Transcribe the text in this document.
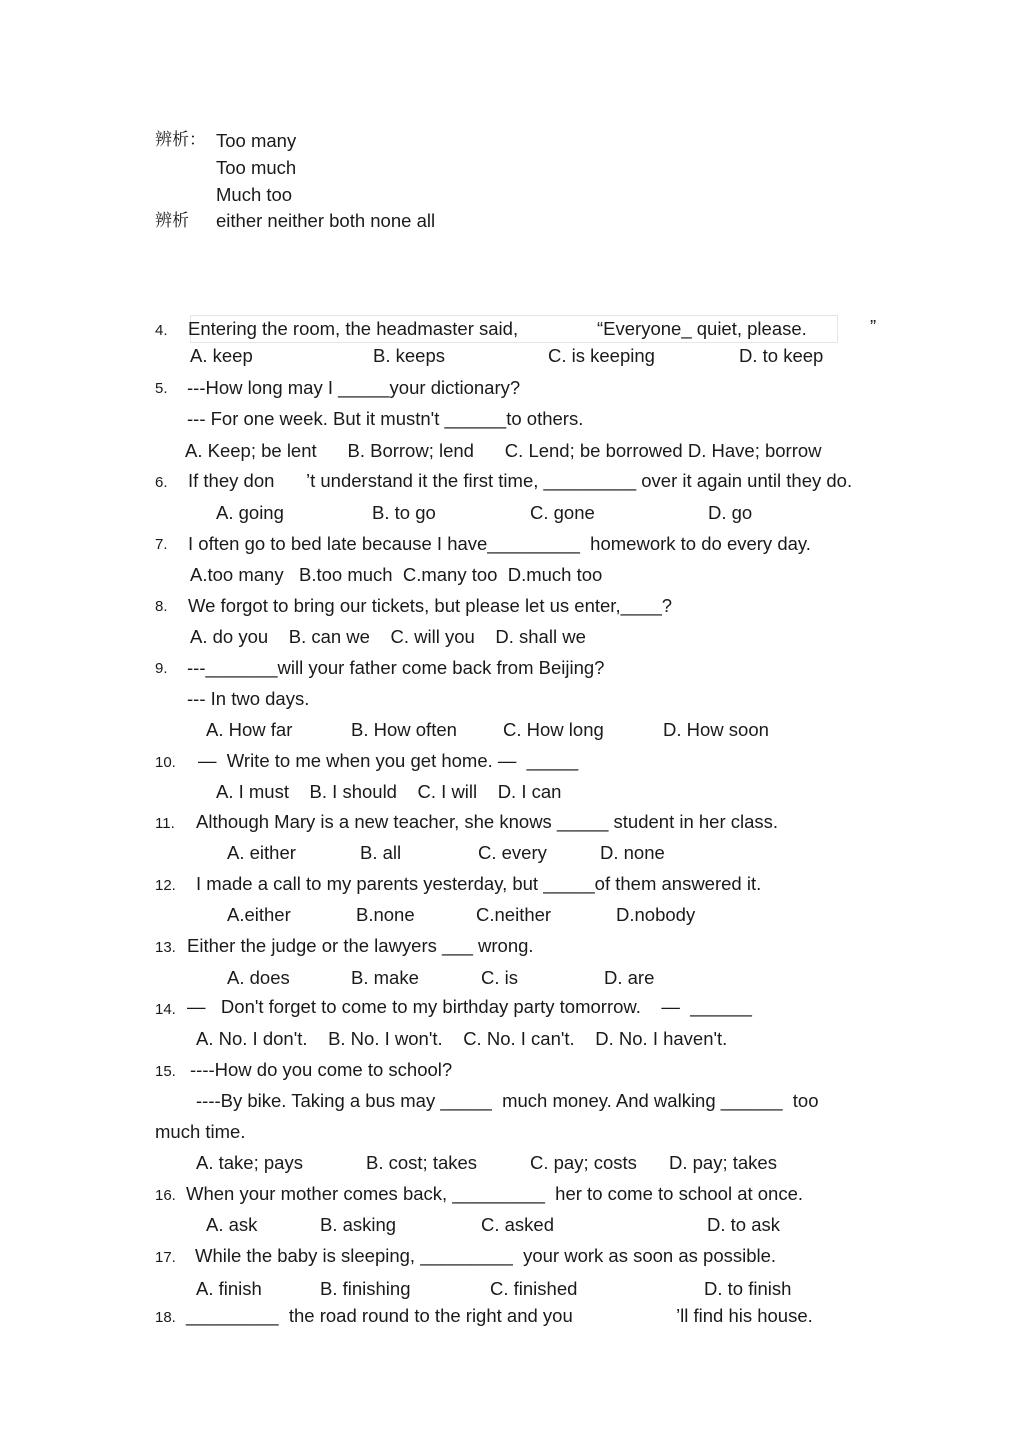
辨析： Too many
Too much
Much too
辨析 either neither both none all
4. Entering the room, the headmaster said,	“Everyone_ quiet, please.	”
A. keep	B. keeps	C. is keeping	D. to keep
5. ---How long may I _____your dictionary?
--- For one week. But it mustn't ______to others.
A. Keep; be lent      B. Borrow; lend      C. Lend; be borrowed D. Have; borrow
6. If they don ’t understand it the first time, _________ over it again until they do.
A. going	B. to go	C. gone	D. go
7. I often go to bed late because I have_________  homework to do every day.
A.too many   B.too much  C.many too  D.much too
8. We forgot to bring our tickets, but please let us enter,____?
A. do you    B. can we    C. will you    D. shall we
9. ---_______will your father come back from Beijing?
--- In two days.
A. How far	B. How often C. How long	D. How soon
10. —  Write to me when you get home. —  _____
A. I must    B. I should    C. I will    D. I can
11. Although Mary is a new teacher, she knows _____ student in her class.
A. either	B. all	C. every	D. none
12. I made a call to my parents yesterday, but _____of them answered it.
A.either	B.none	C.neither	D.nobody
13. Either the judge or the lawyers ___ wrong.
A. does	B. make	C. is	D. are
14. —   Don't forget to come to my birthday party tomorrow.    —  ______
A. No. I don't.    B. No. I won't.    C. No. I can't.    D. No. I haven't.
15. ----How do you come to school?
----By bike. Taking a bus may _____  much money. And walking ______  too
much time.
A. take; pays	B. cost; takes	C. pay; costs D. pay; takes
16. When your mother comes back, _________  her to come to school at once.
A. ask	B. asking	C. asked	D. to ask
17. While the baby is sleeping, _________  your work as soon as possible.
A. finish	B. finishing	C. finished	D. to finish
18. _________  the road round to the right and you	’ll find his house.
